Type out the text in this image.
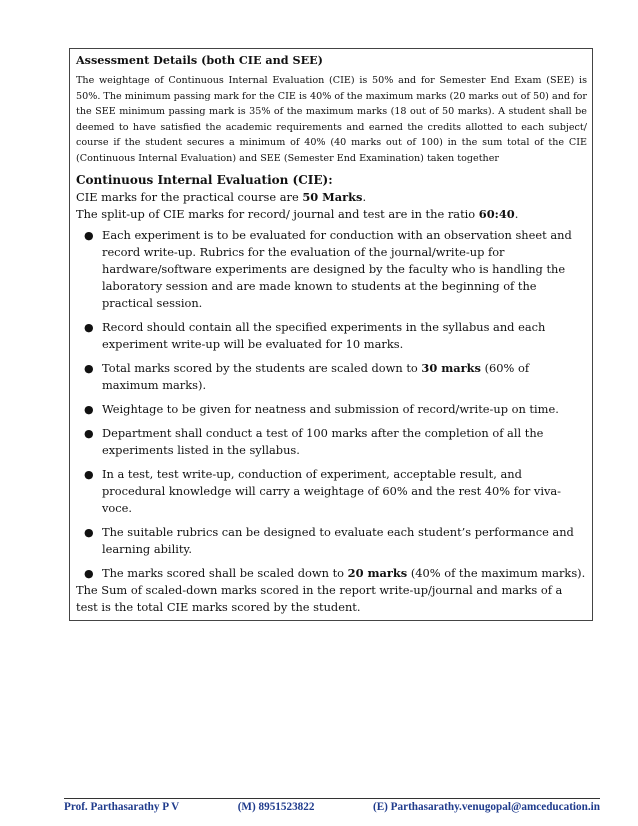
Assessment Details (both CIE and SEE)

The weightage of Continuous Internal Evaluation (CIE) is 50% and for Semester End Exam (SEE) is 50%. The minimum passing mark for the CIE is 40% of the maximum marks (20 marks out of 50) and for the SEE minimum passing mark is 35% of the maximum marks (18 out of 50 marks). A student shall be deemed to have satisfied the academic requirements and earned the credits allotted to each subject/ course if the student secures a minimum of 40% (40 marks out of 100) in the sum total of the CIE (Continuous Internal Evaluation) and SEE (Semester End Examination) taken together

Continuous Internal Evaluation (CIE):

CIE marks for the practical course are 50 Marks.

The split-up of CIE marks for record/ journal and test are in the ratio 60:40.

● Each experiment is to be evaluated for conduction with an observation sheet and record write-up. Rubrics for the evaluation of the journal/write-up for hardware/software experiments are designed by the faculty who is handling the laboratory session and are made known to students at the beginning of the practical session.
● Record should contain all the specified experiments in the syllabus and each experiment write-up will be evaluated for 10 marks.
● Total marks scored by the students are scaled down to 30 marks (60% of maximum marks).
● Weightage to be given for neatness and submission of record/write-up on time.
● Department shall conduct a test of 100 marks after the completion of all the experiments listed in the syllabus.
● In a test, test write-up, conduction of experiment, acceptable result, and procedural knowledge will carry a weightage of 60% and the rest 40% for viva-voce.
● The suitable rubrics can be designed to evaluate each student’s performance and learning ability.
● The marks scored shall be scaled down to 20 marks (40% of the maximum marks).

The Sum of scaled-down marks scored in the report write-up/journal and marks of a test is the total CIE marks scored by the student.

Prof. Parthasarathy P V	(M) 8951523822	(E) Parthasarathy.venugopal@amceducation.in
